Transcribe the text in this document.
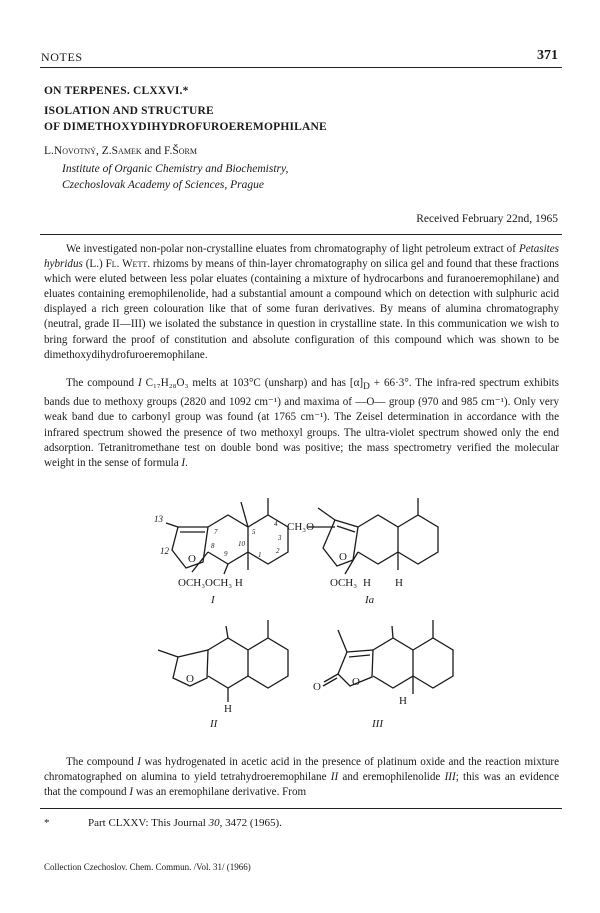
NOTES	371
ON TERPENES. CLXXVI.*
ISOLATION AND STRUCTURE
OF DIMETHOXYDIHYDROFUROEREMOPHILANE
L.Novotný, Z.Samek and F.Šorm
Institute of Organic Chemistry and Biochemistry,
Czechoslovak Academy of Sciences, Prague
Received February 22nd, 1965

We investigated non-polar non-crystalline eluates from chromatography of light petroleum extract of Petasites hybridus (L.) Fl. Wett. rhizoms by means of thin-layer chromatography on silica gel and found that these fractions which were eluted between less polar eluates (containing a mixture of hydrocarbons and furanoeremophilane) and eluates containing eremophilenolide, had a substantial amount a compound which on detection with sulphuric acid displayed a rich green colouration like that of some furan derivatives. By means of alumina chromatography (neutral, grade II—III) we isolated the substance in question in crystalline state. In this communication we wish to bring forward the proof of constitution and absolute configuration of this compound which was shown to be dimethoxydihydrofuroeremophilane.

The compound I C₁₇H₂₈O₃ melts at 103°C (unsharp) and has $[\alpha]_D + 66\cdot 3^\circ$. The infra-red spectrum exhibits bands due to methoxy groups (2820 and 1092 cm⁻¹) and maxima of —O— group (970 and 985 cm⁻¹). Only very weak band due to carbonyl group was found (at 1765 cm⁻¹). The Zeisel determination in accordance with the infrared spectrum showed the presence of two methoxyl groups. The ultra-violet spectrum showed only the end adsorption. Tetranitromethane test on double bond was positive; the mass spectrometry verified the molecular weight in the sense of formula I.

13
12
O
7
8
9
10
5
4
3
2
1
OCH₃OCH₃ H
I
CH₃O
O
OCH₃ H H
Ia
O
H
II
O	O
H
III

The compound I was hydrogenated in acetic acid in the presence of platinum oxide and the reaction mixture chromatographed on alumina to yield tetrahydroeremophilane II and eremophilenolide III; this was an evidence that the compound I was an eremophilane derivative. From

*	Part CLXXV: This Journal 30, 3472 (1965).
Collection Czechoslov. Chem. Commun. /Vol. 31/ (1966)
